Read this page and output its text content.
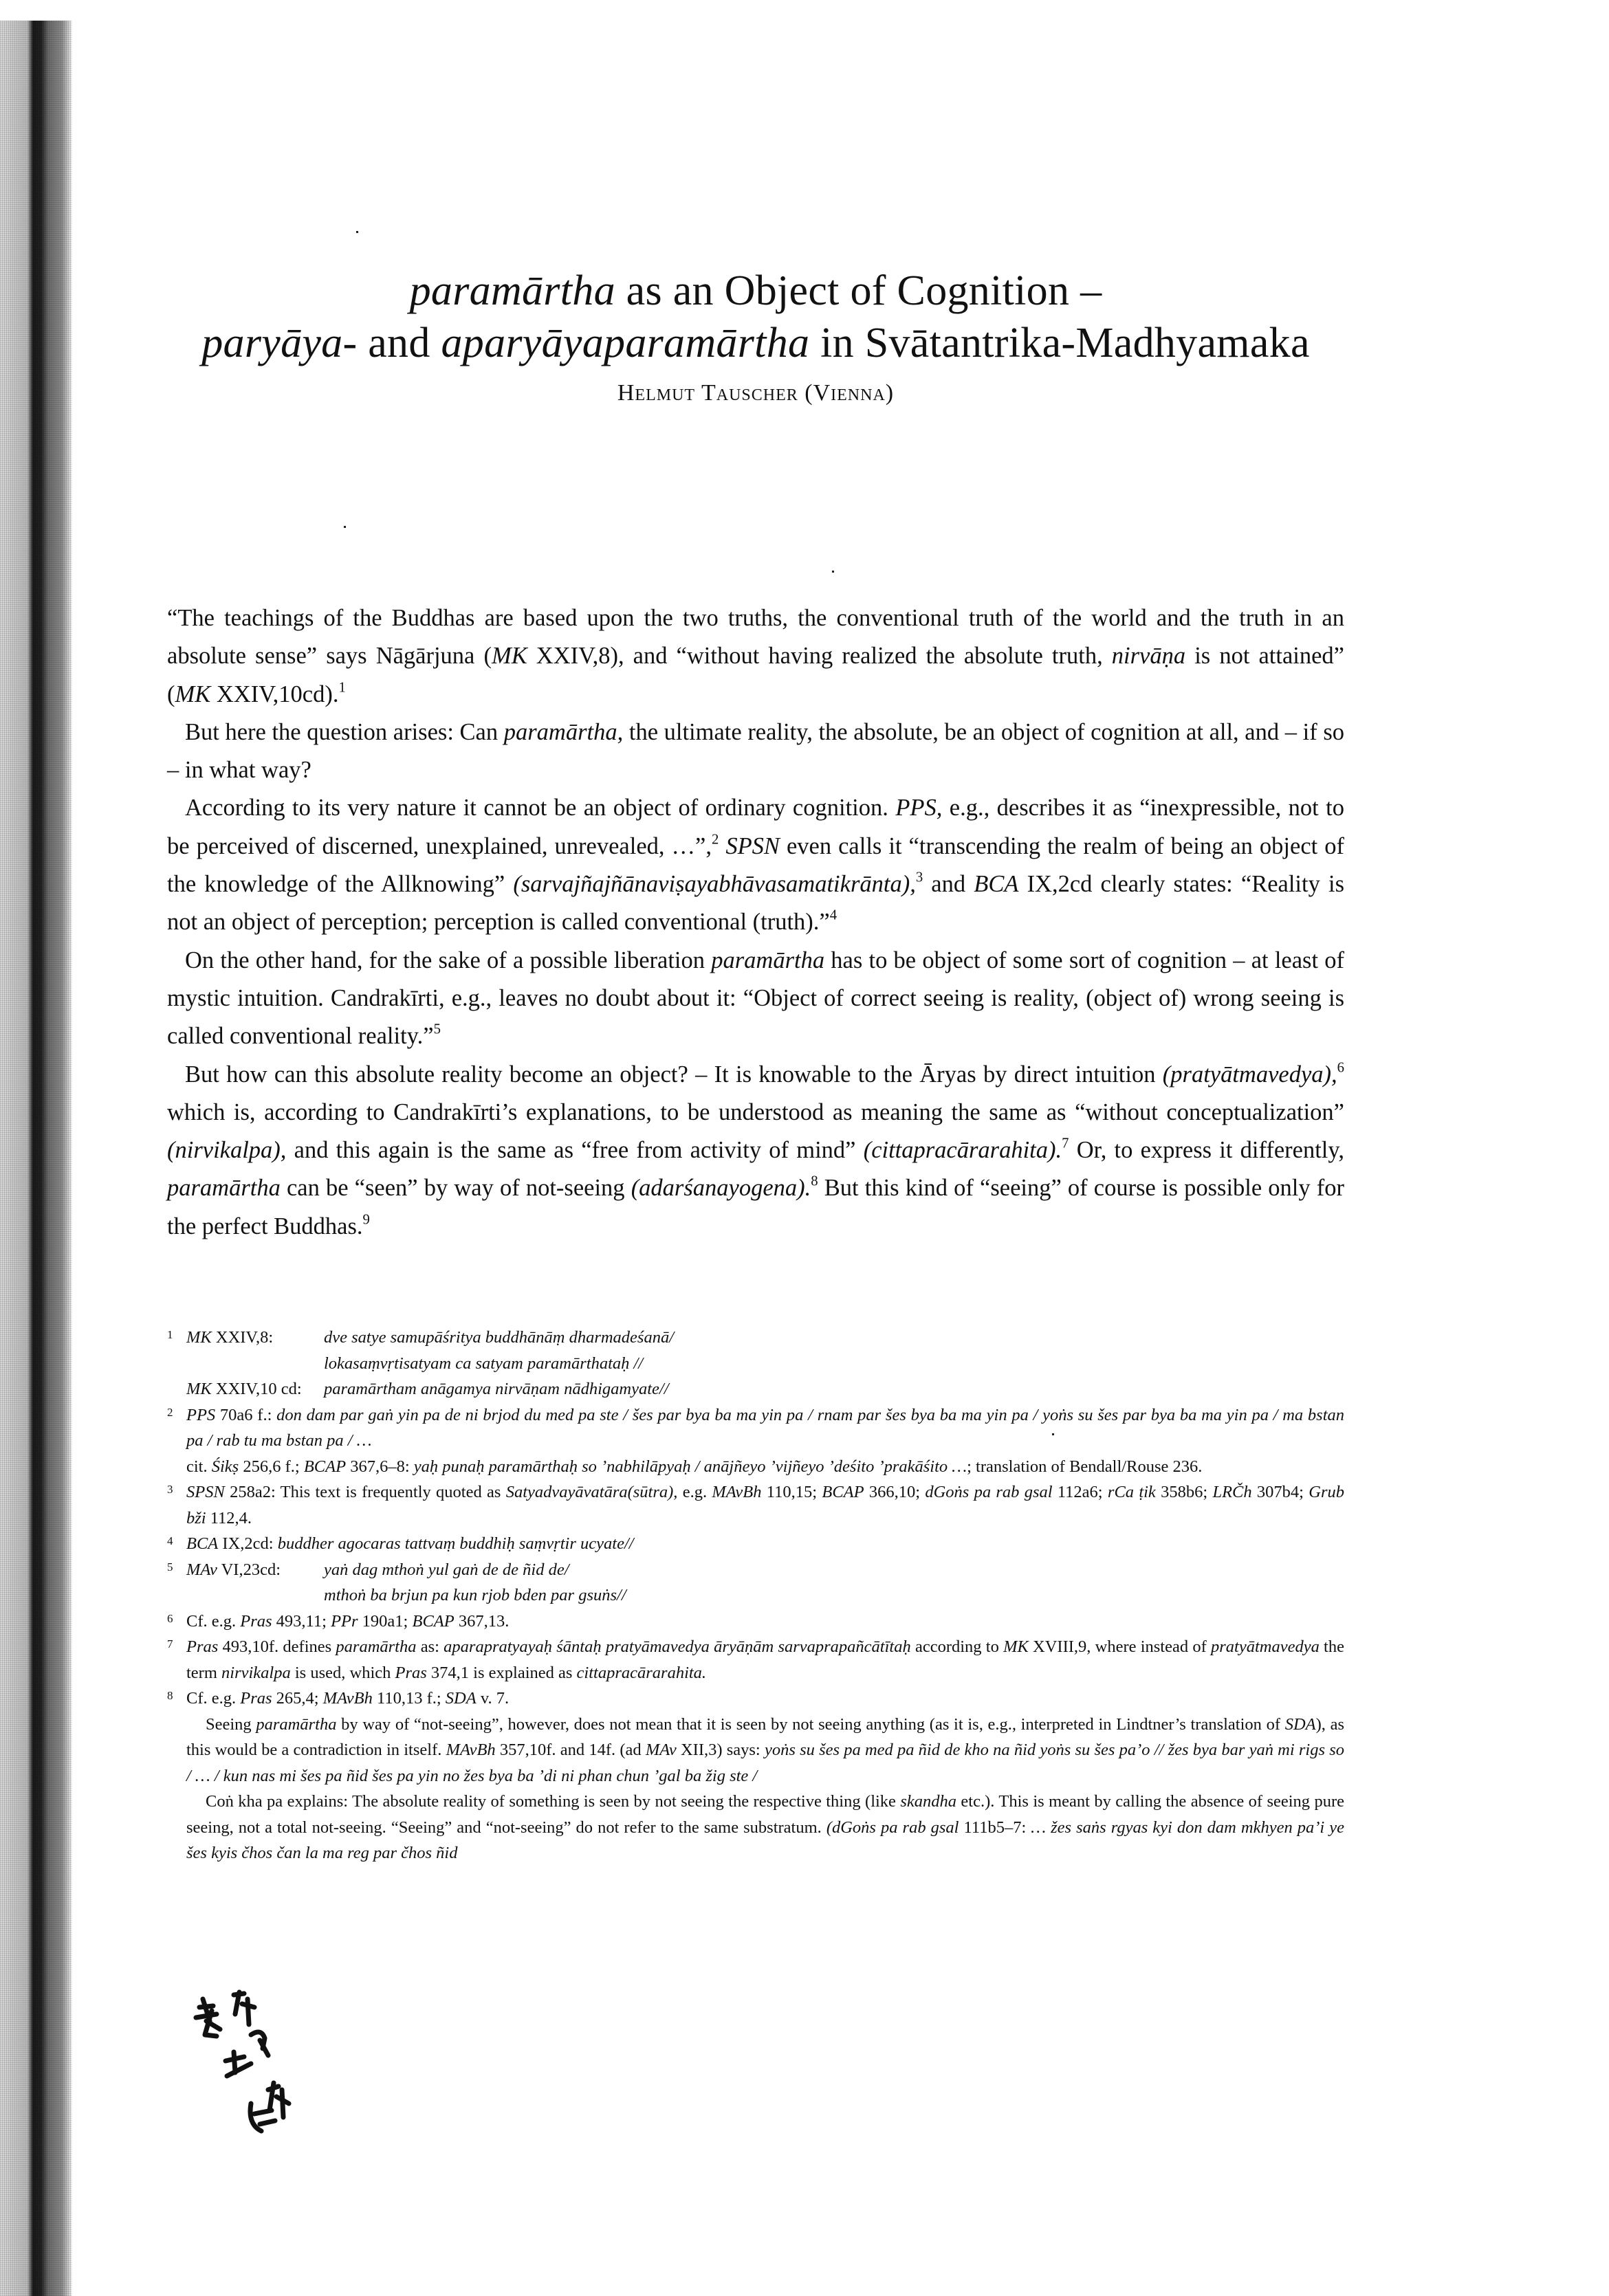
paramārtha as an Object of Cognition –
paryāya- and aparyāyaparamārtha in Svātantrika-Madhyamaka
Helmut Tauscher (Vienna)

“The teachings of the Buddhas are based upon the two truths, the conventional truth of the world and the truth in an absolute sense” says Nāgārjuna (MK XXIV,8), and “without having realized the absolute truth, nirvāṇa is not attained” (MK XXIV,10cd).$^1$

But here the question arises: Can paramārtha, the ultimate reality, the absolute, be an object of cognition at all, and – if so – in what way?

According to its very nature it cannot be an object of ordinary cognition. PPS, e.g., describes it as “inexpressible, not to be perceived of discerned, unexplained, unrevealed, …”,$^2$ SPSN even calls it “transcending the realm of being an object of the knowledge of the Allknowing” (sarvajñajñānaviṣayabhāvasamatikrānta),$^3$ and BCA IX,2cd clearly states: “Reality is not an object of perception; perception is called conventional (truth).”$^4$

On the other hand, for the sake of a possible liberation paramārtha has to be object of some sort of cognition – at least of mystic intuition. Candrakīrti, e.g., leaves no doubt about it: “Object of correct seeing is reality, (object of) wrong seeing is called conventional reality.”$^5$

But how can this absolute reality become an object? – It is knowable to the Āryas by direct intuition (pratyātmavedya),$^6$ which is, according to Candrakīrti’s explanations, to be understood as meaning the same as “without conceptualization” (nirvikalpa), and this again is the same as “free from activity of mind” (cittapracārarahita).$^7$ Or, to express it differently, paramārtha can be “seen” by way of not-seeing (adarśanayogena).$^8$ But this kind of “seeing” of course is possible only for the perfect Buddhas.$^9$

1 MK XXIV,8:	dve satye samupāśritya buddhānāṃ dharmadeśanā/
lokasaṃvṛtisatyam ca satyam paramārthataḥ //
MK XXIV,10 cd:	paramārtham anāgamya nirvāṇam nādhigamyate//
2 PPS 70a6 f.: don dam par gaṅ yin pa de ni brjod du med pa ste / šes par bya ba ma yin pa / rnam par šes bya ba ma yin pa / yoṅs su šes par bya ba ma yin pa / ma bstan pa / rab tu ma bstan pa / …
cit. Śikṣ 256,6 f.; BCAP 367,6–8: yaḥ punaḥ paramārthaḥ so ’nabhilāpyaḥ / anājñeyo ’vijñeyo ’deśito ’prakāśito …; translation of Bendall/Rouse 236.
3 SPSN 258a2: This text is frequently quoted as Satyadvayāvatāra(sūtra), e.g. MAvBh 110,15; BCAP 366,10; dGoṅs pa rab gsal 112a6; rCa ṭik 358b6; LRČh 307b4; Grub bži 112,4.
4 BCA IX,2cd: buddher agocaras tattvaṃ buddhiḥ saṃvṛtir ucyate//
5 MAv VI,23cd:	yaṅ dag mthoṅ yul gaṅ de de ñid de/
mthoṅ ba brjun pa kun rjob bden par gsuṅs//
6 Cf. e.g. Pras 493,11; PPr 190a1; BCAP 367,13.
7 Pras 493,10f. defines paramārtha as: aparapratyayaḥ śāntaḥ pratyāmavedya āryāṇām sarvaprapañcātītaḥ according to MK XVIII,9, where instead of pratyātmavedya the term nirvikalpa is used, which Pras 374,1 is explained as cittapracārarahita.
8 Cf. e.g. Pras 265,4; MAvBh 110,13 f.; SDA v. 7.
Seeing paramārtha by way of “not-seeing”, however, does not mean that it is seen by not seeing anything (as it is, e.g., interpreted in Lindtner’s translation of SDA), as this would be a contradiction in itself. MAvBh 357,10f. and 14f. (ad MAv XII,3) says: yoṅs su šes pa med pa ñid de kho na ñid yoṅs su šes pa’o // žes bya bar yaṅ mi rigs so / … / kun nas mi šes pa ñid šes pa yin no žes bya ba ’di ni phan chun ’gal ba žig ste /
Coṅ kha pa explains: The absolute reality of something is seen by not seeing the respective thing (like skandha etc.). This is meant by calling the absence of seeing pure seeing, not a total not-seeing. “Seeing” and “not-seeing” do not refer to the same substratum. (dGoṅs pa rab gsal 111b5–7: … žes saṅs rgyas kyi don dam mkhyen pa’i ye šes kyis čhos čan la ma reg par čhos ñid
